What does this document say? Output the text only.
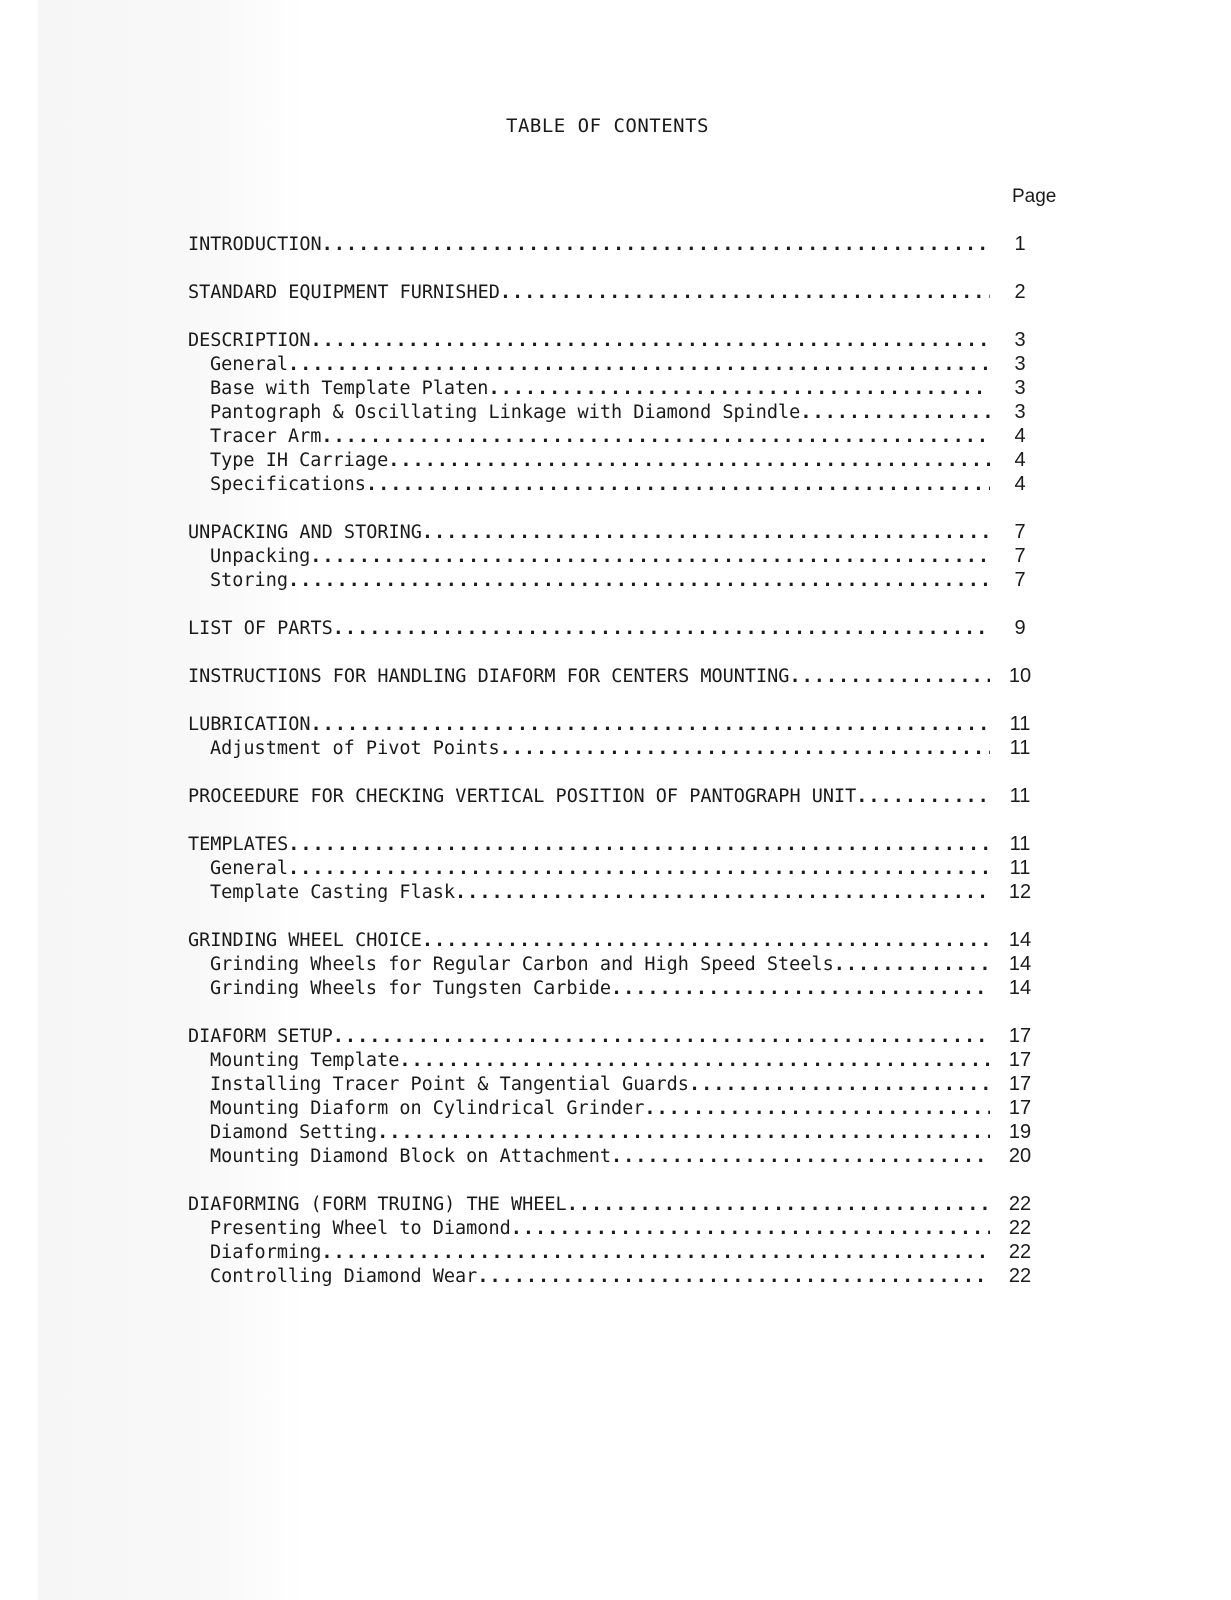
TABLE OF CONTENTS
Page
INTRODUCTION .....	1
STANDARD EQUIPMENT FURNISHED .....	2
DESCRIPTION .....	3
General .....	3
Base with Template Platen .....	3
Pantograph & Oscillating Linkage with Diamond Spindle .....	3
Tracer Arm .....	4
Type IH Carriage .....	4
Specifications .....	4
UNPACKING AND STORING .....	7
Unpacking .....	7
Storing .....	7
LIST OF PARTS .....	9
INSTRUCTIONS FOR HANDLING DIAFORM FOR CENTERS MOUNTING .....	10
LUBRICATION .....	11
Adjustment of Pivot Points .....	11
PROCEEDURE FOR CHECKING VERTICAL POSITION OF PANTOGRAPH UNIT .....	11
TEMPLATES .....	11
General .....	11
Template Casting Flask .....	12
GRINDING WHEEL CHOICE .....	14
Grinding Wheels for Regular Carbon and High Speed Steels .....	14
Grinding Wheels for Tungsten Carbide .....	14
DIAFORM SETUP .....	17
Mounting Template .....	17
Installing Tracer Point & Tangential Guards .....	17
Mounting Diaform on Cylindrical Grinder .....	17
Diamond Setting .....	19
Mounting Diamond Block on Attachment .....	20
DIAFORMING (FORM TRUING) THE WHEEL .....	22
Presenting Wheel to Diamond .....	22
Diaforming .....	22
Controlling Diamond Wear .....	22
